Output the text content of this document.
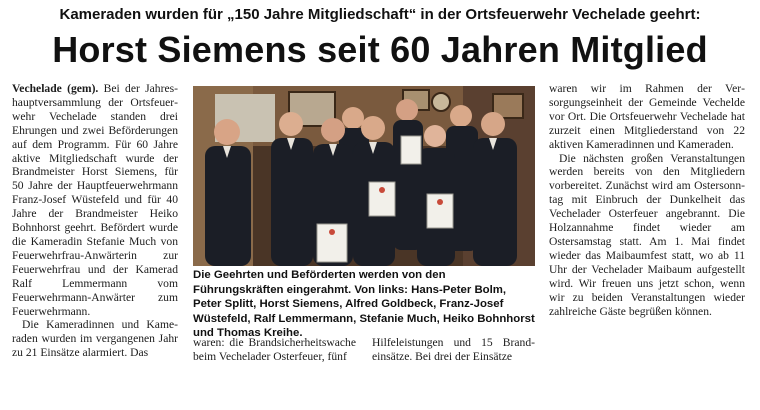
Kameraden wurden für „150 Jahre Mitgliedschaft“ in der Ortsfeuerwehr Vechelade geehrt:
Horst Siemens seit 60 Jahren Mitglied

Vechelade (gem). Bei der Jahreshauptversammlung der Ortsfeuerwehr Vechelade standen drei Ehrungen und zwei Beförderungen auf dem Programm. Für 60 Jahre aktive Mitgliedschaft wurde der Brandmeister Horst Siemens, für 50 Jahre der Hauptfeuerwehrmann Franz-Josef Wüstefeld und für 40 Jahre der Brandmeister Heiko Bohnhorst geehrt. Befördert wurde die Kameradin Stefanie Much von Feuerwehrfrau-Anwärterin zur Feuerwehrfrau und der Kamerad Ralf Lemmermann vom Feuerwehrmann-Anwärter zum Feuerwehrmann.

Die Kameradinnen und Kameraden wurden im vergangenen Jahr zu 21 Einsätze alarmiert. Das

Die Geehrten und Beförderten werden von den Führungskräften eingerahmt. Von links: Hans-Peter Bolm, Peter Splitt, Horst Siemens, Alfred Goldbeck, Franz-Josef Wüstefeld, Ralf Lemmermann, Stefanie Much, Heiko Bohnhorst und Thomas Kreihe.

waren: die Brandsicherheitswache beim Vechelader Osterfeuer, fünf

Hilfeleistungen und 15 Brandeinsätze. Bei drei der Einsätze

waren wir im Rahmen der Versorgungseinheit der Gemeinde Vechelde vor Ort. Die Ortsfeuerwehr Vechelade hat zurzeit einen Mitgliederstand von 22 aktiven Kameradinnen und Kameraden.

Die nächsten großen Veranstaltungen werden bereits von den Mitgliedern vorbereitet. Zunächst wird am Ostersonntag mit Einbruch der Dunkelheit das Vechelader Osterfeuer angebrannt. Die Holzannahme findet wieder am Ostersamstag statt. Am 1. Mai findet wieder das Maibaumfest statt, wo ab 11 Uhr der Vechelader Maibaum aufgestellt wird. Wir freuen uns jetzt schon, wenn wir zu beiden Veranstaltungen wieder zahlreiche Gäste begrüßen können.
